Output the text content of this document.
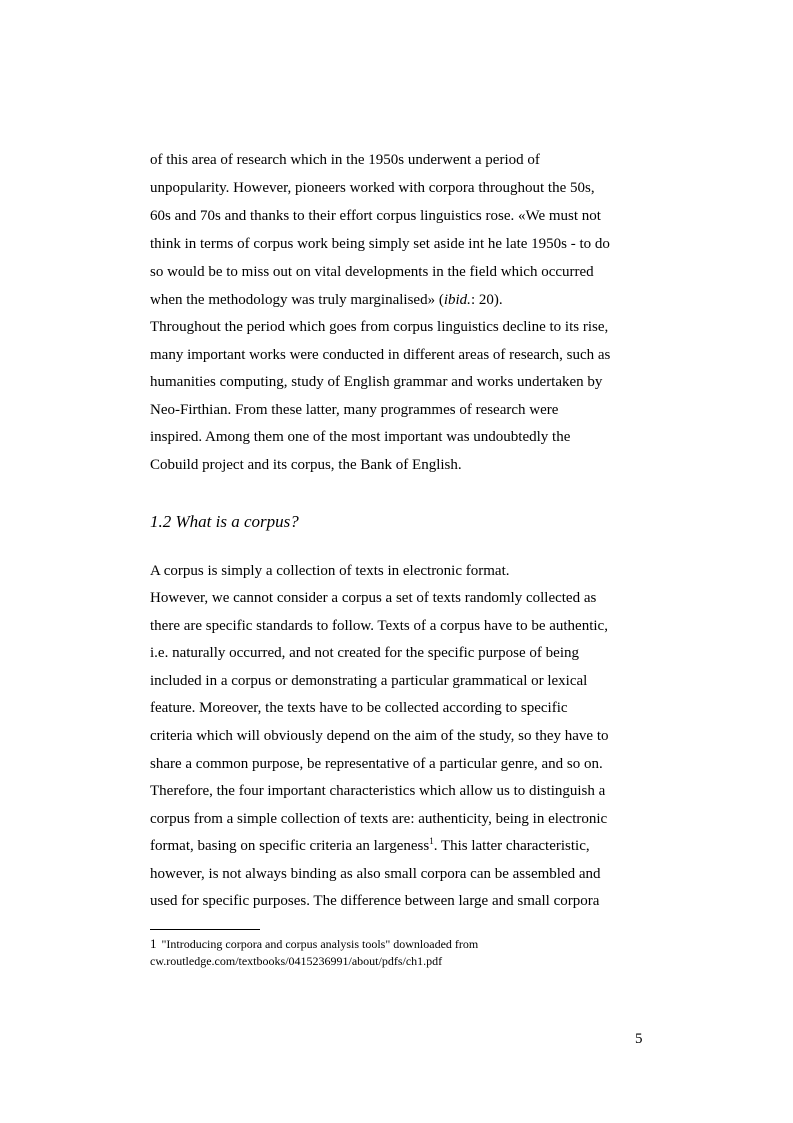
of this area of research which in the 1950s underwent a period of
unpopularity. However, pioneers worked with corpora throughout the 50s,
60s and 70s and thanks to their effort corpus linguistics rose. «We must not
think in terms of corpus work being simply set aside int he late 1950s - to do
so would be to miss out on vital developments in the field which occurred
when the methodology was truly marginalised» (ibid.: 20).
Throughout the period which goes from corpus linguistics decline to its rise,
many important works were conducted in different areas of research, such as
humanities computing, study of English grammar and works undertaken by
Neo-Firthian. From these latter, many programmes of research were
inspired. Among them one of the most important was undoubtedly the
Cobuild project and its corpus, the Bank of English.
1.2 What is a corpus?
A corpus is simply a collection of texts in electronic format.
However, we cannot consider a corpus a set of texts randomly collected as
there are specific standards to follow. Texts of a corpus have to be authentic,
i.e. naturally occurred, and not created for the specific purpose of being
included in a corpus or demonstrating a particular grammatical or lexical
feature. Moreover, the texts have to be collected according to specific
criteria which will obviously depend on the aim of the study, so they have to
share a common purpose, be representative of a particular genre, and so on.
Therefore, the four important characteristics which allow us to distinguish a
corpus from a simple collection of texts are: authenticity, being in electronic
format, basing on specific criteria an largeness$^1$. This latter characteristic,
however, is not always binding as also small corpora can be assembled and
used for specific purposes. The difference between large and small corpora
1 "Introducing corpora and corpus analysis tools" downloaded from
cw.routledge.com/textbooks/0415236991/about/pdfs/ch1.pdf
5
